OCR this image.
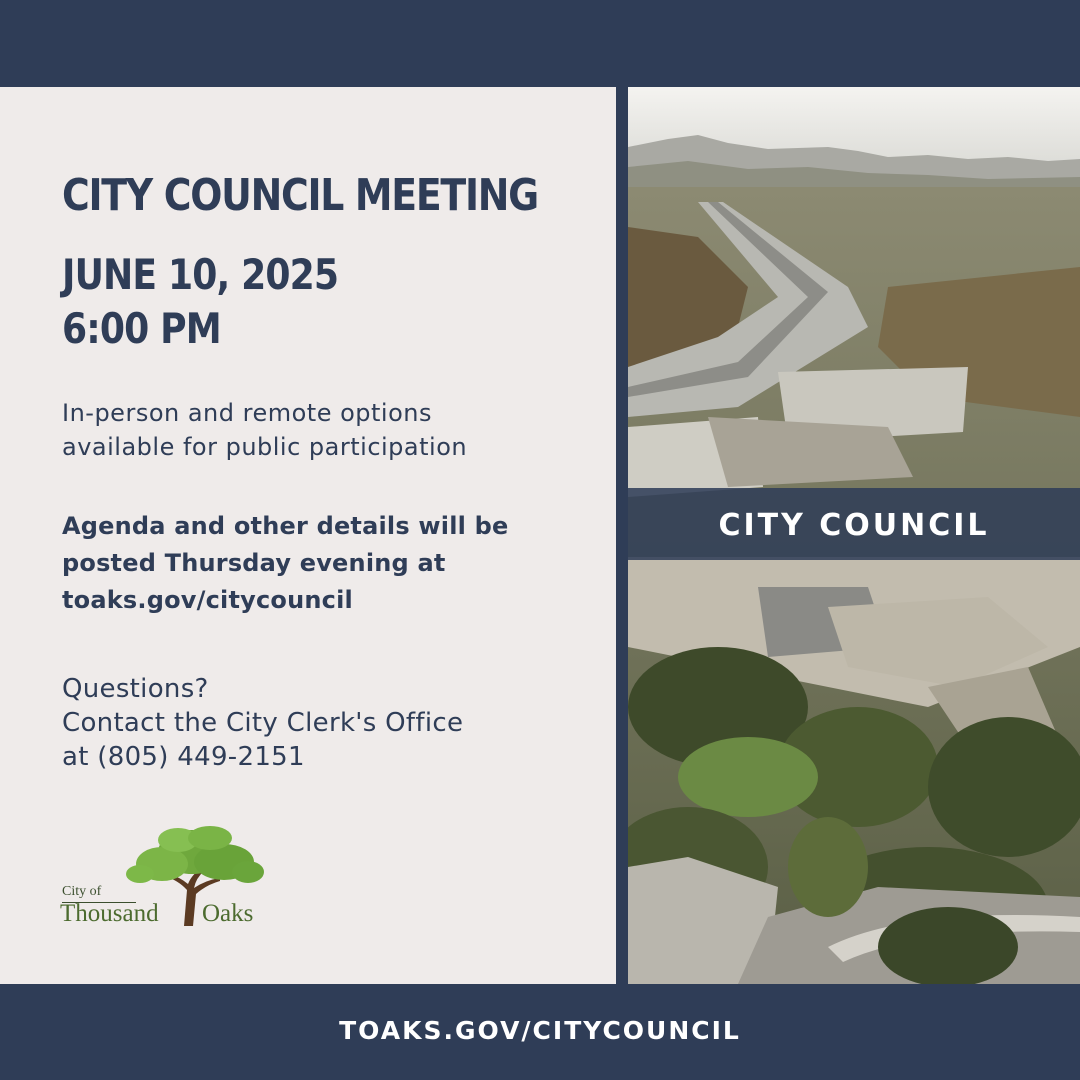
CITY COUNCIL MEETING
JUNE 10, 2025
6:00 PM

In-person and remote options
available for public participation

Agenda and other details will be
posted Thursday evening at
toaks.gov/citycouncil

Questions?
Contact the City Clerk's Office
at (805) 449-2151

City of
Thousand Oaks
CITY COUNCIL
TOAKS.GOV/CITYCOUNCIL
